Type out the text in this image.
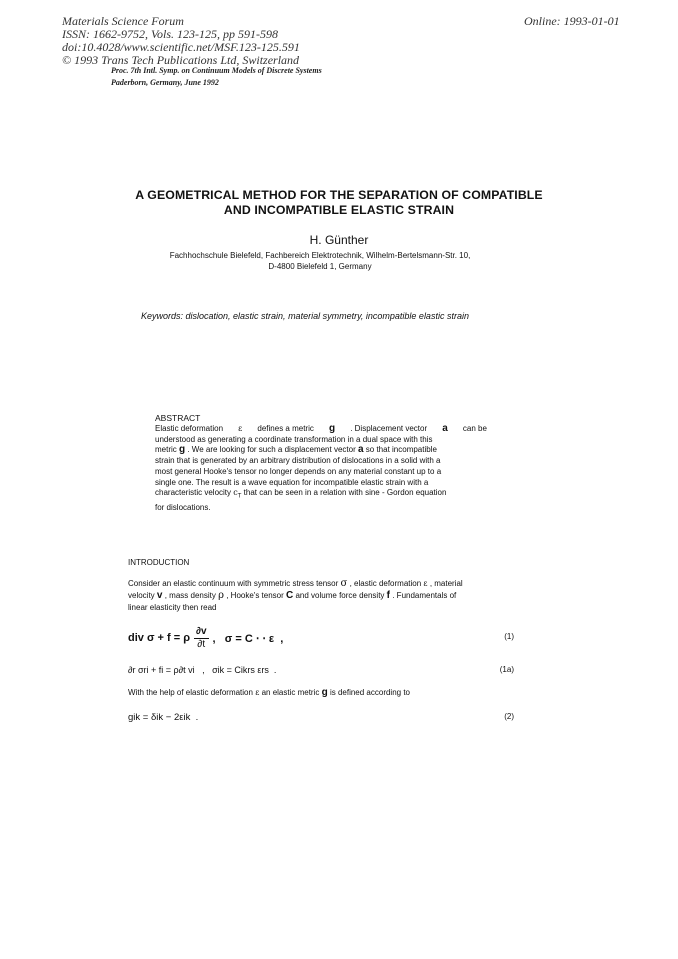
Materials Science Forum
ISSN: 1662-9752, Vols. 123-125, pp 591-598
doi:10.4028/www.scientific.net/MSF.123-125.591
© 1993 Trans Tech Publications Ltd, Switzerland
Online: 1993-01-01
Proc. 7th Intl. Symp. on Continuum Models of Discrete Systems
Paderborn, Germany, June 1992
A GEOMETRICAL METHOD FOR THE SEPARATION OF COMPATIBLE
AND INCOMPATIBLE ELASTIC STRAIN
H. Günther
Fachhochschule Bielefeld, Fachbereich Elektrotechnik, Wilhelm-Bertelsmann-Str. 10,
D-4800 Bielefeld 1, Germany
Keywords: dislocation, elastic strain, material symmetry, incompatible elastic strain
ABSTRACT
Elastic deformation ε defines a metric g . Displacement vector a can be
understood as generating a coordinate transformation in a dual space with this
metric g . We are looking for such a displacement vector a so that incompatible
strain that is generated by an arbitrary distribution of dislocations in a solid with a
most general Hooke's tensor no longer depends on any material constant up to a
single one. The result is a wave equation for incompatible elastic strain with a
characteristic velocity $c_T$ that can be seen in a relation with sine - Gordon equation
for dislocations.
INTRODUCTION
Consider an elastic continuum with symmetric stress tensor σ , elastic deformation ε , material
velocity v , mass density ρ , Hooke's tensor C and volume force density f . Fundamentals of
linear elasticity then read
div σ + f = ρ $\frac{\partial v}{\partial t}$ ,   σ = C ⋅ ⋅ ε  ,	(1)
∂r σri + fi = ρ∂t vi   ,   σik = Cikrs εrs  .	(1a)
With the help of elastic deformation ε an elastic metric g is defined according to
gik = δik − 2εik  .	(2)
